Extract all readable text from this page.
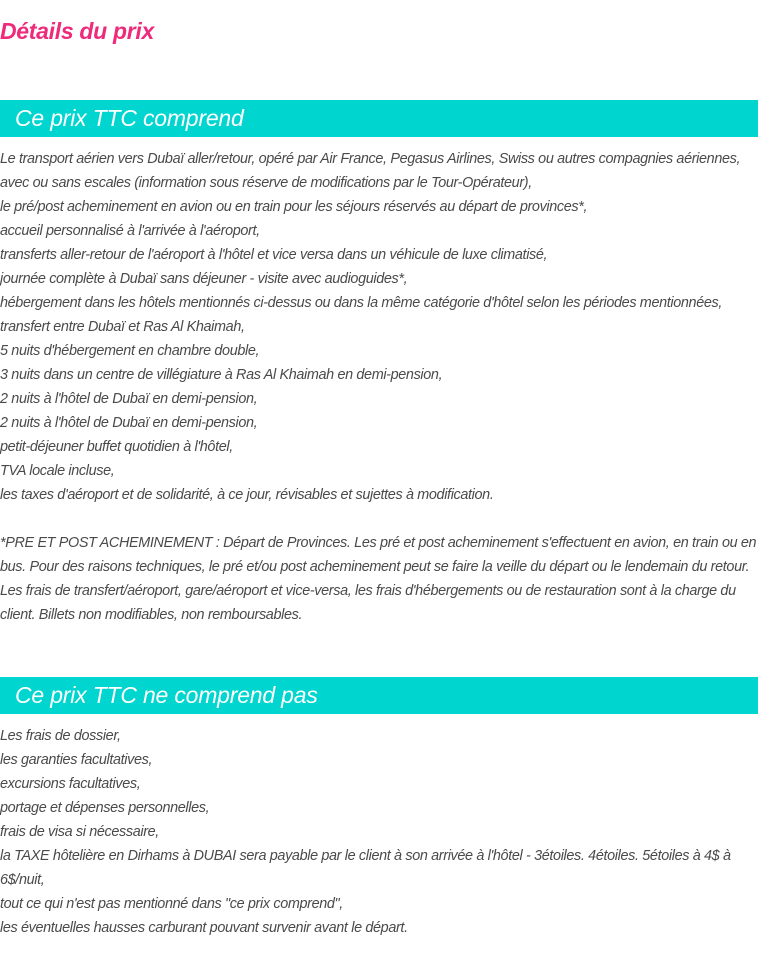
Détails du prix
Ce prix TTC comprend
Le transport aérien vers Dubaï aller/retour, opéré par Air France, Pegasus Airlines, Swiss ou autres compagnies aériennes, avec ou sans escales (information sous réserve de modifications par le Tour-Opérateur),
le pré/post acheminement en avion ou en train pour les séjours réservés au départ de provinces*,
accueil personnalisé à l'arrivée à l'aéroport,
transferts aller-retour de l'aéroport à l'hôtel et vice versa dans un véhicule de luxe climatisé,
journée complète à Dubaï sans déjeuner - visite avec audioguides*,
hébergement dans les hôtels mentionnés ci-dessus ou dans la même catégorie d'hôtel selon les périodes mentionnées,
transfert entre Dubaï et Ras Al Khaimah,
5 nuits d'hébergement en chambre double,
3 nuits dans un centre de villégiature à Ras Al Khaimah en demi-pension,
2 nuits à l'hôtel de Dubaï en demi-pension,
2 nuits à l'hôtel de Dubaï en demi-pension,
petit-déjeuner buffet quotidien à l'hôtel,
TVA locale incluse,
les taxes d'aéroport et de solidarité, à ce jour, révisables et sujettes à modification.

*PRE ET POST ACHEMINEMENT : Départ de Provinces. Les pré et post acheminement s'effectuent en avion, en train ou en bus. Pour des raisons techniques, le pré et/ou post acheminement peut se faire la veille du départ ou le lendemain du retour. Les frais de transfert/aéroport, gare/aéroport et vice-versa, les frais d'hébergements ou de restauration sont à la charge du client. Billets non modifiables, non remboursables.

Ce prix TTC ne comprend pas
Les frais de dossier,
les garanties facultatives,
excursions facultatives,
portage et dépenses personnelles,
frais de visa si nécessaire,
la TAXE hôtelière en Dirhams à DUBAI sera payable par le client à son arrivée à l'hôtel - 3étoiles. 4étoiles. 5étoiles à 4$ à 6$/nuit,
tout ce qui n'est pas mentionné dans "ce prix comprend",
les éventuelles hausses carburant pouvant survenir avant le départ.
